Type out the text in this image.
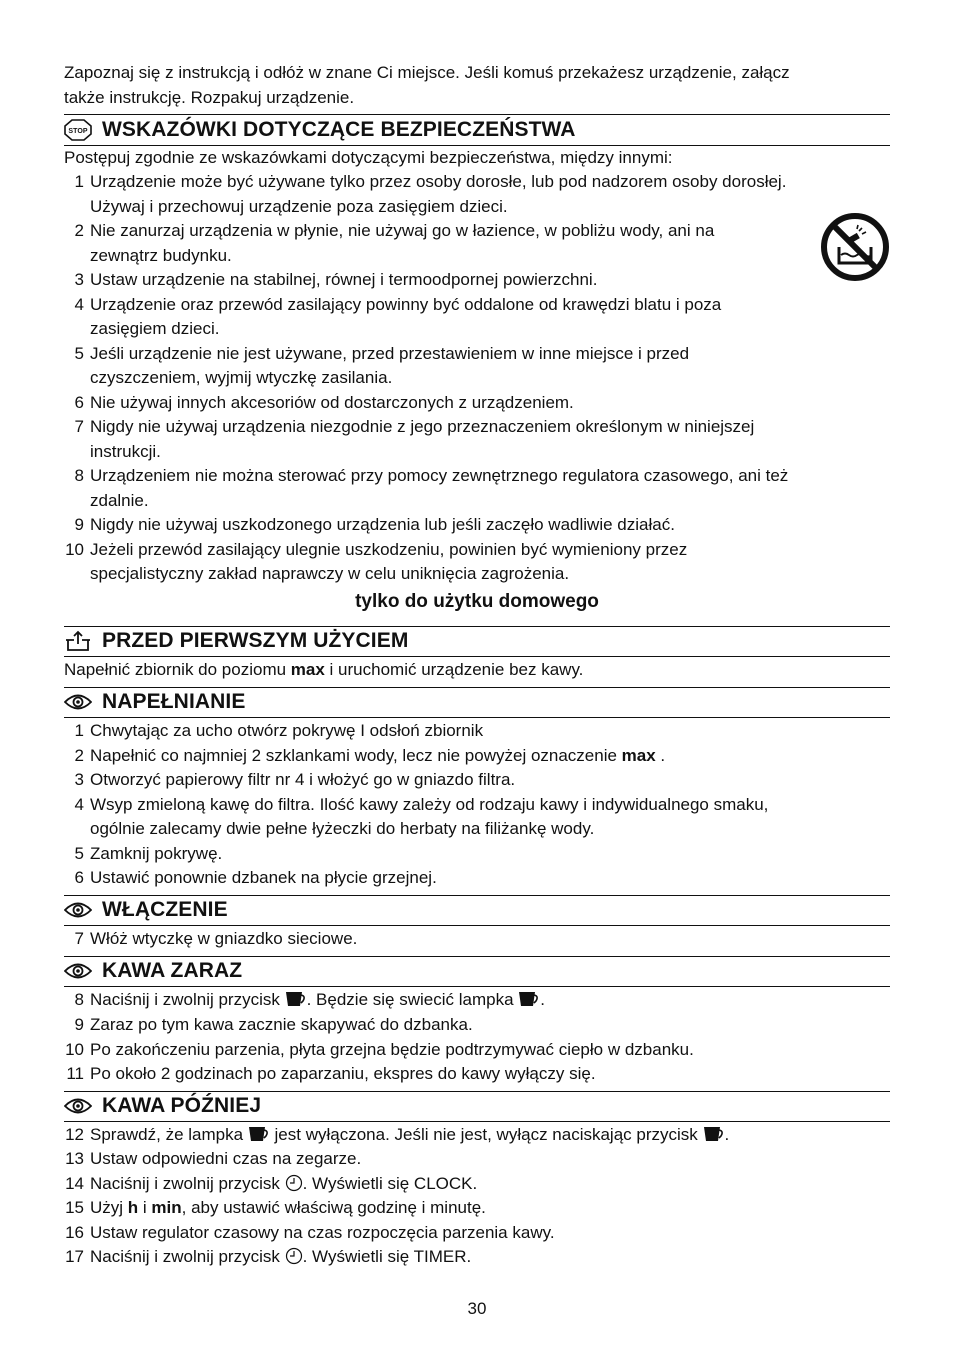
Zapoznaj się z instrukcją i odłóż w znane Ci miejsce. Jeśli komuś przekażesz urządzenie, załącz
także instrukcję. Rozpakuj urządzenie.
STOP WSKAZÓWKI DOTYCZĄCE BEZPIECZEŃSTWA
Postępuj zgodnie ze wskazówkami dotyczącymi bezpieczeństwa, między innymi:
1 Urządzenie może być używane tylko przez osoby dorosłe, lub pod nadzorem osoby dorosłej.
Używaj i przechowuj urządzenie poza zasięgiem dzieci.
2 Nie zanurzaj urządzenia w płynie, nie używaj go w łazience, w pobliżu wody, ani na
zewnątrz budynku.
3 Ustaw urządzenie na stabilnej, równej i termoodpornej powierzchni.
4 Urządzenie oraz przewód zasilający powinny być oddalone od krawędzi blatu i poza
zasięgiem dzieci.
5 Jeśli urządzenie nie jest używane, przed przestawieniem w inne miejsce i przed
czyszczeniem, wyjmij wtyczkę zasilania.
6 Nie używaj innych akcesoriów od dostarczonych z urządzeniem.
7 Nigdy nie używaj urządzenia niezgodnie z jego przeznaczeniem określonym w niniejszej
instrukcji.
8 Urządzeniem nie można sterować przy pomocy zewnętrznego regulatora czasowego, ani też
zdalnie.
9 Nigdy nie używaj uszkodzonego urządzenia lub jeśli zaczęło wadliwie działać.
10 Jeżeli przewód zasilający ulegnie uszkodzeniu, powinien być wymieniony przez
specjalistyczny zakład naprawczy w celu uniknięcia zagrożenia.
tylko do użytku domowego
PRZED PIERWSZYM UŻYCIEM
Napełnić zbiornik do poziomu max i uruchomić urządzenie bez kawy.
NAPEŁNIANIE
1 Chwytając za ucho otwórz pokrywę I odsłoń zbiornik
2 Napełnić co najmniej 2 szklankami wody, lecz nie powyżej oznaczenie max .
3 Otworzyć papierowy filtr nr 4 i włożyć go w gniazdo filtra.
4 Wsyp zmieloną kawę do filtra. Ilość kawy zależy od rodzaju kawy i indywidualnego smaku,
ogólnie zalecamy dwie pełne łyżeczki do herbaty na filiżankę wody.
5 Zamknij pokrywę.
6 Ustawić ponownie dzbanek na płycie grzejnej.
WŁĄCZENIE
7 Włóż wtyczkę w gniazdko sieciowe.
KAWA ZARAZ
8 Naciśnij i zwolnij przycisk . Będzie się swiecić lampka .
9 Zaraz po tym kawa zacznie skapywać do dzbanka.
10 Po zakończeniu parzenia, płyta grzejna będzie podtrzymywać ciepło w dzbanku.
11 Po około 2 godzinach po zaparzaniu, ekspres do kawy wyłączy się.
KAWA PÓŹNIEJ
12 Sprawdź, że lampka  jest wyłączona. Jeśli nie jest, wyłącz naciskając przycisk .
13 Ustaw odpowiedni czas na zegarze.
14 Naciśnij i zwolnij przycisk . Wyświetli się CLOCK.
15 Użyj h i min, aby ustawić właściwą godzinę i minutę.
16 Ustaw regulator czasowy na czas rozpoczęcia parzenia kawy.
17 Naciśnij i zwolnij przycisk . Wyświetli się TIMER.
30
